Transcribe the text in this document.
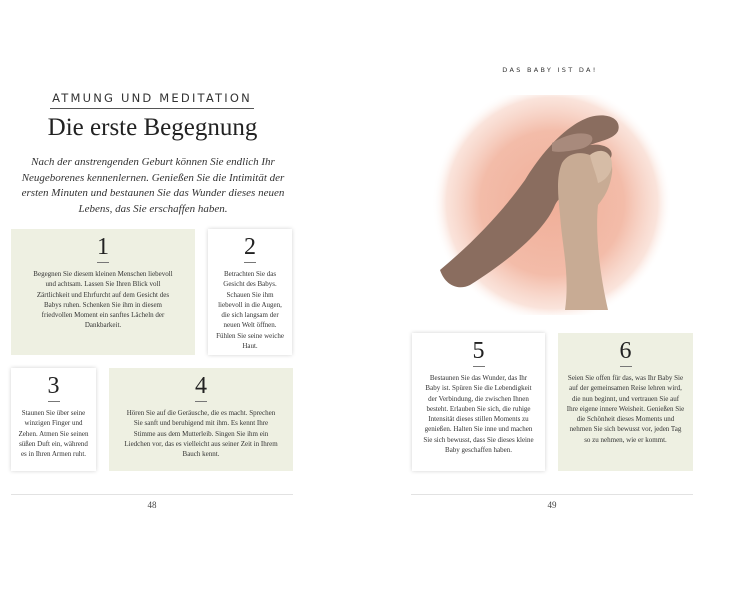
ATMUNG UND MEDITATION
Die erste Begegnung
Nach der anstrengenden Geburt können Sie endlich Ihr Neugeborenes kennenlernen. Genießen Sie die Intimität der ersten Minuten und bestaunen Sie das Wunder dieses neuen Lebens, das Sie erschaffen haben.
1
Begegnen Sie diesem kleinen Menschen liebevoll und achtsam. Lassen Sie Ihren Blick voll Zärtlichkeit und Ehrfurcht auf dem Gesicht des Babys ruhen. Schenken Sie ihm in diesem friedvollen Moment ein sanftes Lächeln der Dankbarkeit.
2
Betrachten Sie das Gesicht des Babys. Schauen Sie ihm liebevoll in die Augen, die sich langsam der neuen Welt öffnen. Fühlen Sie seine weiche Haut.
3
Staunen Sie über seine winzigen Finger und Zehen. Atmen Sie seinen süßen Duft ein, während es in Ihren Armen ruht.
4
Hören Sie auf die Geräusche, die es macht. Sprechen Sie sanft und beruhigend mit ihm. Es kennt Ihre Stimme aus dem Mutterleib. Singen Sie ihm ein Liedchen vor, das es vielleicht aus seiner Zeit in Ihrem Bauch kennt.
48
DAS BABY IST DA!
5
Bestaunen Sie das Wunder, das Ihr Baby ist. Spüren Sie die Lebendigkeit der Verbindung, die zwischen Ihnen besteht. Erlauben Sie sich, die ruhige Intensität dieses stillen Moments zu genießen. Halten Sie inne und machen Sie sich bewusst, dass Sie dieses kleine Baby geschaffen haben.
6
Seien Sie offen für das, was Ihr Baby Sie auf der gemeinsamen Reise lehren wird, die nun beginnt, und vertrauen Sie auf Ihre eigene innere Weisheit. Genießen Sie die Schönheit dieses Moments und nehmen Sie sich bewusst vor, jeden Tag so zu nehmen, wie er kommt.
49
